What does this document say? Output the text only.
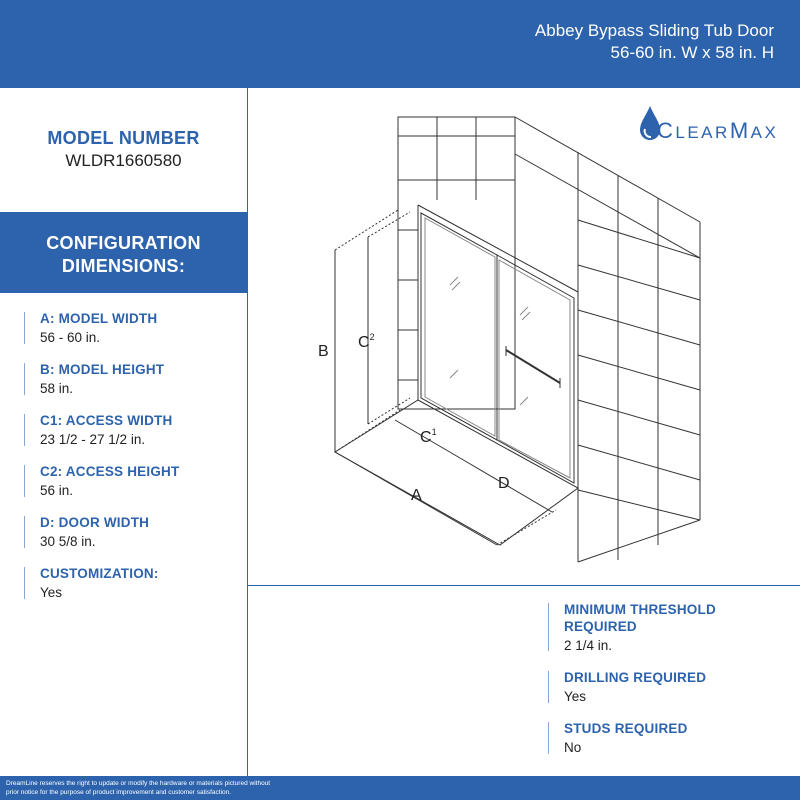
Abbey Bypass Sliding Tub Door
56-60 in. W x 58 in. H
MODEL NUMBER
WLDR1660580
CONFIGURATION
DIMENSIONS:
A: MODEL WIDTH
56 - 60 in.
B: MODEL HEIGHT
58 in.
C1: ACCESS WIDTH
23 1/2 - 27 1/2 in.
C2: ACCESS HEIGHT
56 in.
D: DOOR WIDTH
30 5/8 in.
CUSTOMIZATION:
Yes
CLEARMAX
B
$C^2$
$C^1$
D
A
MINIMUM THRESHOLD
REQUIRED
2 1/4 in.
DRILLING REQUIRED
Yes
STUDS REQUIRED
No
DreamLine reserves the right to update or modify the hardware or materials pictured without
prior notice for the purpose of product improvement and customer satisfaction.
